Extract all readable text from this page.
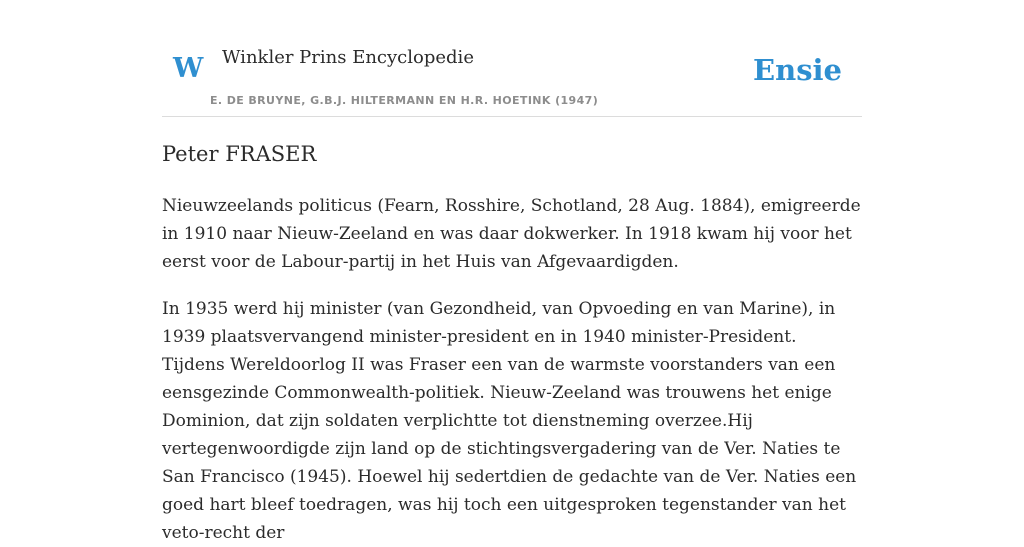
W Winkler Prins Encyclopedie
E. DE BRUYNE, G.B.J. HILTERMANN EN H.R. HOETINK (1947)
Ensie
Peter FRASER

Nieuwzeelands politicus (Fearn, Rosshire, Schotland, 28 Aug. 1884), emigreerde in 1910 naar Nieuw-Zeeland en was daar dokwerker. In 1918 kwam hij voor het eerst voor de Labour-partij in het Huis van Afgevaardigden.

In 1935 werd hij minister (van Gezondheid, van Opvoeding en van Marine), in 1939 plaatsvervangend minister-president en in 1940 minister-President. Tijdens Wereldoorlog II was Fraser een van de warmste voorstanders van een eensgezinde Commonwealth-politiek. Nieuw-Zeeland was trouwens het enige Dominion, dat zijn soldaten verplichtte tot dienstneming overzee.Hij vertegenwoordigde zijn land op de stichtingsvergadering van de Ver. Naties te San Francisco (1945). Hoewel hij sedertdien de gedachte van de Ver. Naties een goed hart bleef toedragen, was hij toch een uitgesproken tegenstander van het veto-recht der
